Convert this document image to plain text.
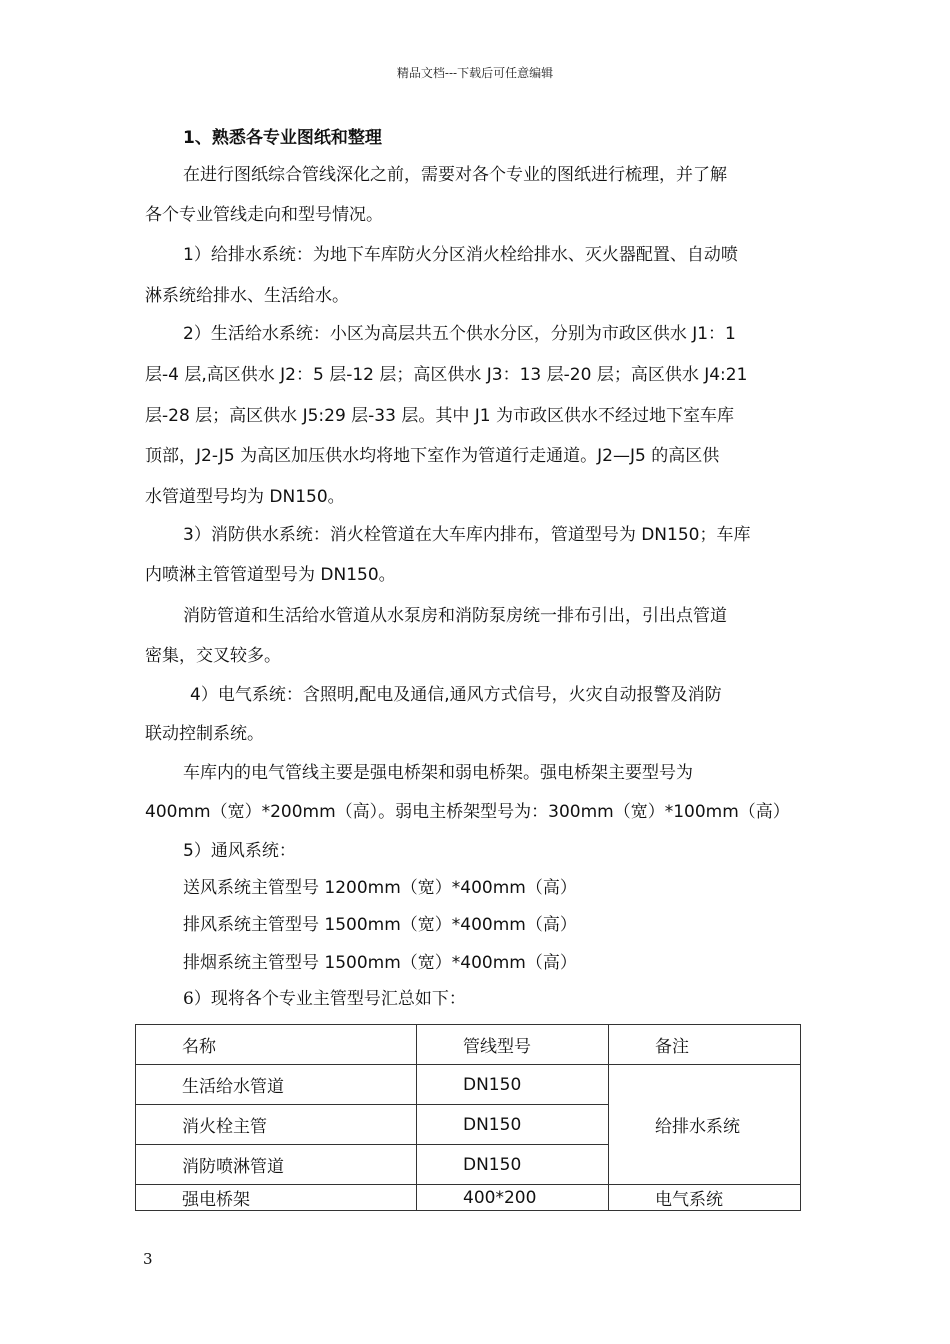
精品文档---下载后可任意编辑
1、熟悉各专业图纸和整理
在进行图纸综合管线深化之前，需要对各个专业的图纸进行梳理，并了解
各个专业管线走向和型号情况。
1）给排水系统：为地下车库防火分区消火栓给排水、灭火器配置、自动喷
淋系统给排水、生活给水。
2）生活给水系统：小区为高层共五个供水分区，分别为市政区供水 J1：1
层-4 层,高区供水 J2：5 层-12 层；高区供水 J3：13 层-20 层；高区供水 J4:21
层-28 层；高区供水 J5:29 层-33 层。其中 J1 为市政区供水不经过地下室车库
顶部，J2-J5 为高区加压供水均将地下室作为管道行走通道。J2—J5 的高区供
水管道型号均为 DN150。
3）消防供水系统：消火栓管道在大车库内排布，管道型号为 DN150；车库
内喷淋主管管道型号为 DN150。
消防管道和生活给水管道从水泵房和消防泵房统一排布引出，引出点管道
密集，交叉较多。
4）电气系统：含照明,配电及通信,通风方式信号，火灾自动报警及消防
联动控制系统。
车库内的电气管线主要是强电桥架和弱电桥架。强电桥架主要型号为
400mm（宽）*200mm（高）。弱电主桥架型号为：300mm（宽）*100mm（高）
5）通风系统：
送风系统主管型号 1200mm（宽）*400mm（高）
排风系统主管型号 1500mm（宽）*400mm（高）
排烟系统主管型号 1500mm（宽）*400mm（高）
6）现将各个专业主管型号汇总如下：
名称	管线型号	备注
生活给水管道	DN150	给排水系统
消火栓主管	DN150	
消防喷淋管道	DN150	
强电桥架	400*200	电气系统
3
